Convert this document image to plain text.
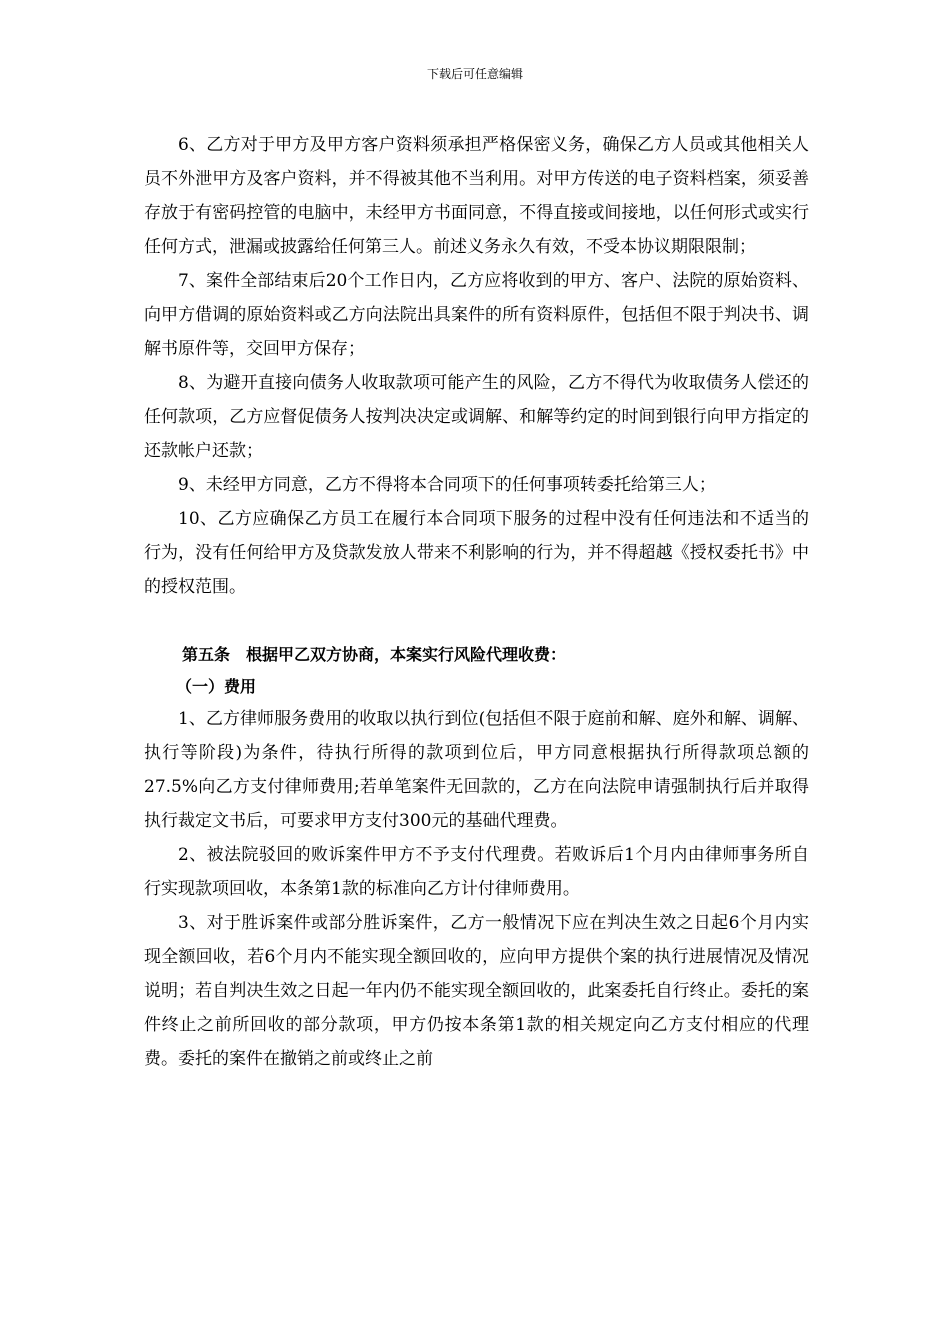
下载后可任意编辑

6、乙方对于甲方及甲方客户资料须承担严格保密义务，确保乙方人员或其他相关人员不外泄甲方及客户资料，并不得被其他不当利用。对甲方传送的电子资料档案，须妥善存放于有密码控管的电脑中，未经甲方书面同意，不得直接或间接地，以任何形式或实行任何方式，泄漏或披露给任何第三人。前述义务永久有效，不受本协议期限限制；

7、案件全部结束后20个工作日内，乙方应将收到的甲方、客户、法院的原始资料、向甲方借调的原始资料或乙方向法院出具案件的所有资料原件，包括但不限于判决书、调解书原件等，交回甲方保存；

8、为避开直接向债务人收取款项可能产生的风险，乙方不得代为收取债务人偿还的任何款项，乙方应督促债务人按判决决定或调解、和解等约定的时间到银行向甲方指定的还款帐户还款；

9、未经甲方同意，乙方不得将本合同项下的任何事项转委托给第三人；

10、乙方应确保乙方员工在履行本合同项下服务的过程中没有任何违法和不适当的行为，没有任何给甲方及贷款发放人带来不利影响的行为，并不得超越《授权委托书》中的授权范围。

第五条　根据甲乙双方协商，本案实行风险代理收费：

（一）费用

1、乙方律师服务费用的收取以执行到位(包括但不限于庭前和解、庭外和解、调解、执行等阶段)为条件，待执行所得的款项到位后，甲方同意根据执行所得款项总额的27.5%向乙方支付律师费用;若单笔案件无回款的，乙方在向法院申请强制执行后并取得执行裁定文书后，可要求甲方支付300元的基础代理费。

2、被法院驳回的败诉案件甲方不予支付代理费。若败诉后1个月内由律师事务所自行实现款项回收，本条第1款的标准向乙方计付律师费用。

3、对于胜诉案件或部分胜诉案件，乙方一般情况下应在判决生效之日起6个月内实现全额回收，若6个月内不能实现全额回收的，应向甲方提供个案的执行进展情况及情况说明；若自判决生效之日起一年内仍不能实现全额回收的，此案委托自行终止。委托的案件终止之前所回收的部分款项，甲方仍按本条第1款的相关规定向乙方支付相应的代理费。委托的案件在撤销之前或终止之前
